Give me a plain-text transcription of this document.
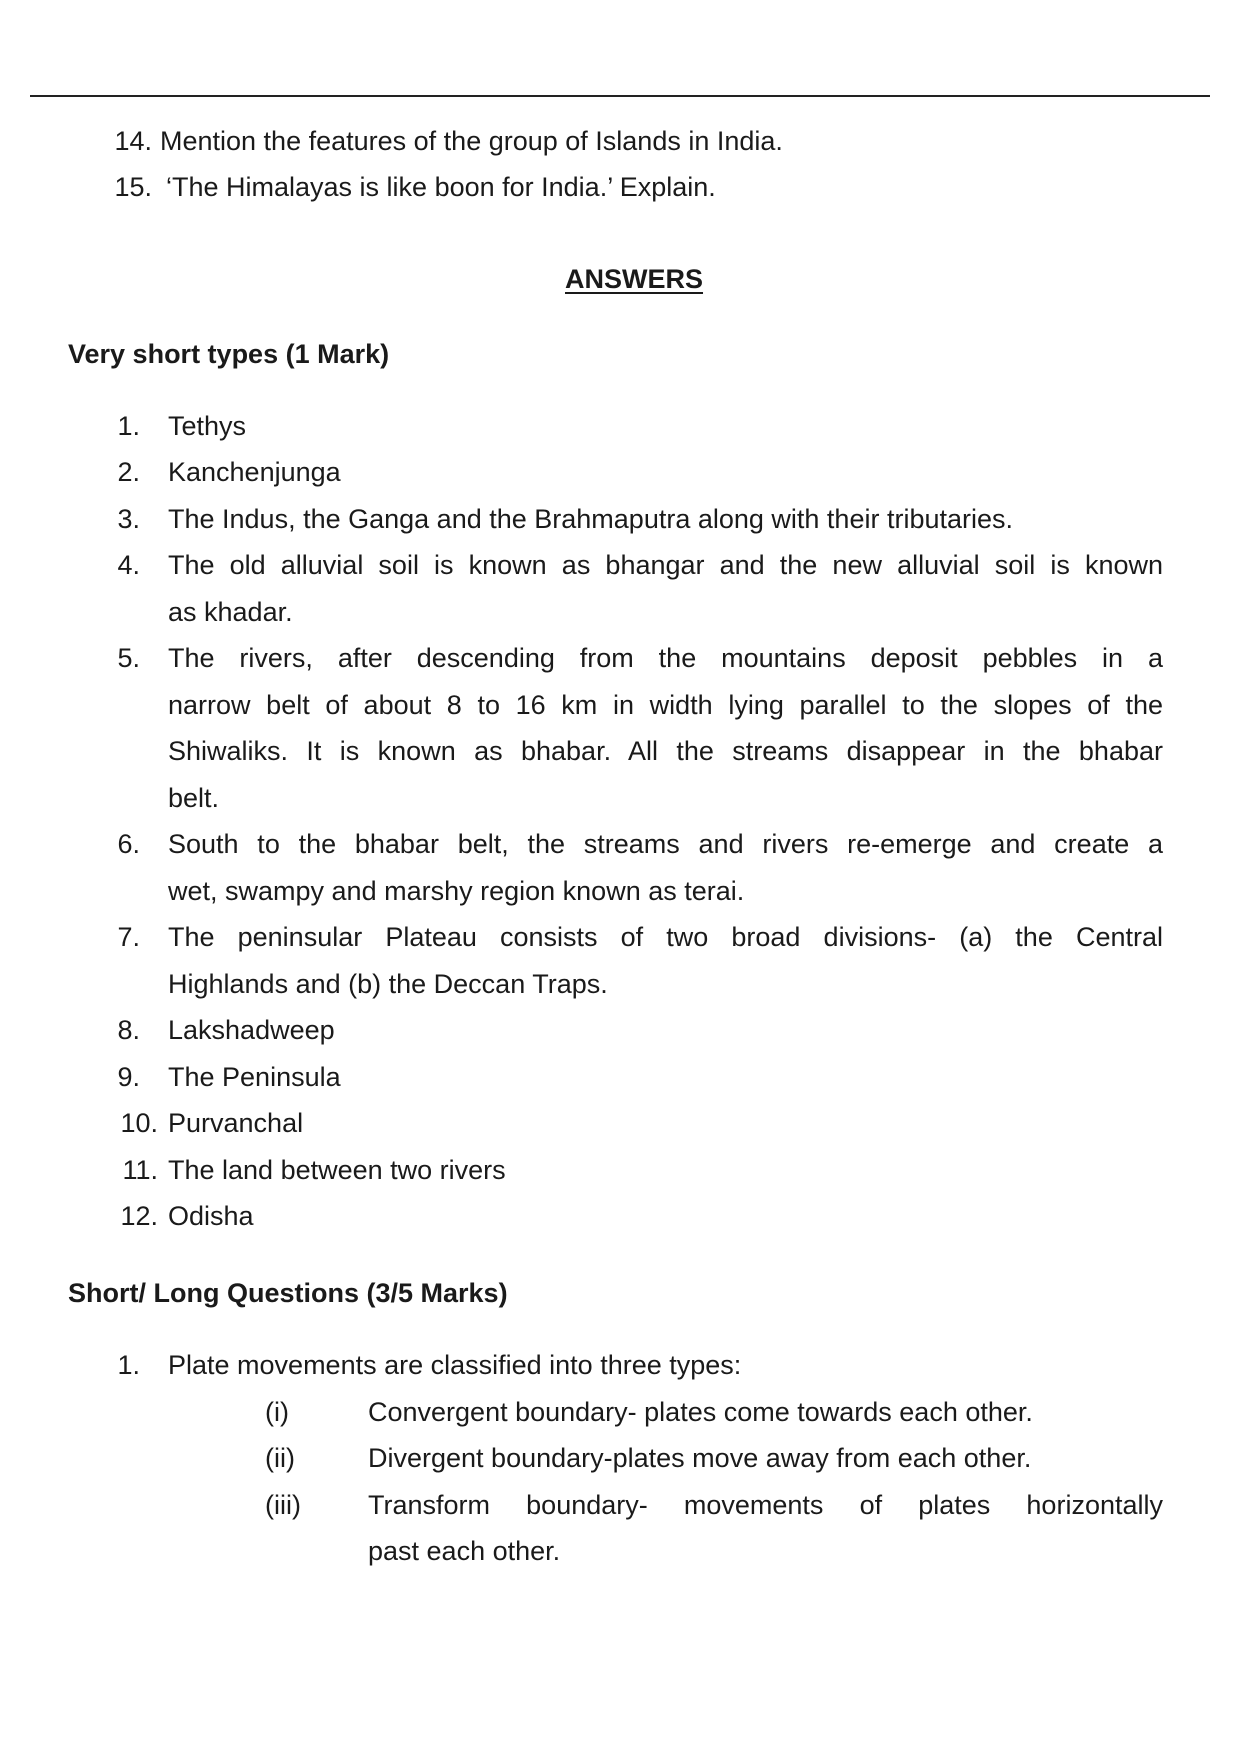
14. Mention the features of the group of Islands in India.
15. ‘The Himalayas is like boon for India.’ Explain.
ANSWERS
Very short types (1 Mark)
1. Tethys
2. Kanchenjunga
3. The Indus, the Ganga and the Brahmaputra along with their tributaries.
4. The old alluvial soil is known as bhangar and the new alluvial soil is known
as khadar.
5. The rivers, after descending from the mountains deposit pebbles in a
narrow belt of about 8 to 16 km in width lying parallel to the slopes of the
Shiwaliks. It is known as bhabar. All the streams disappear in the bhabar
belt.
6. South to the bhabar belt, the streams and rivers re-emerge and create a
wet, swampy and marshy region known as terai.
7. The peninsular Plateau consists of two broad divisions- (a) the Central
Highlands and (b) the Deccan Traps.
8. Lakshadweep
9. The Peninsula
10. Purvanchal
11. The land between two rivers
12. Odisha
Short/ Long Questions (3/5 Marks)
1. Plate movements are classified into three types:
(i)	Convergent boundary- plates come towards each other.
(ii)	Divergent boundary-plates move away from each other.
(iii) Transform boundary- movements of plates horizontally
past each other.
